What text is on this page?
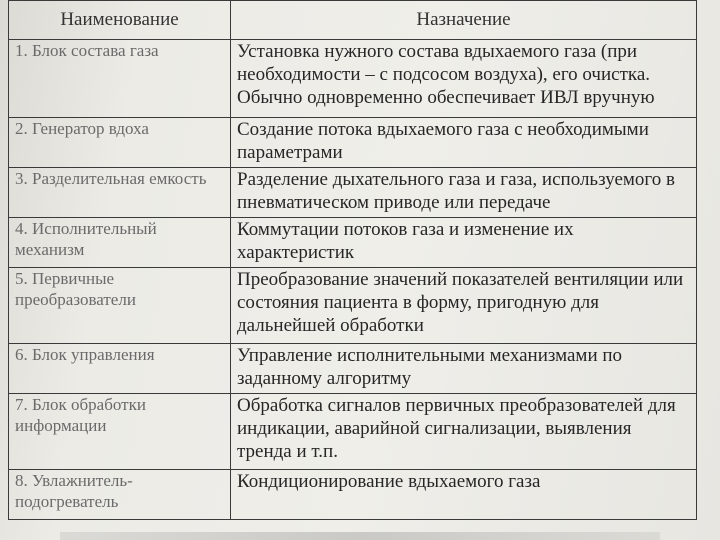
Наименование	Назначение
1. Блок состава газа	Установка нужного состава вдыхаемого газа (при необходимости – с подсосом воздуха), его очистка. Обычно одновременно обеспечивает ИВЛ вручную
2. Генератор вдоха	Создание потока вдыхаемого газа с необходимыми параметрами
3. Разделительная емкость	Разделение дыхательного газа и газа, используемого в пневматическом приводе или передаче
4. Исполнительный механизм	Коммутации потоков газа и изменение их характеристик
5. Первичные преобразователи	Преобразование значений показателей вентиляции или состояния пациента в форму, пригодную для дальнейшей обработки
6. Блок управления	Управление исполнительными механизмами по заданному алгоритму
7. Блок обработки информации	Обработка сигналов первичных преобразователей для индикации, аварийной сигнализации, выявления тренда и т.п.
8. Увлажнитель-подогреватель	Кондиционирование вдыхаемого газа
